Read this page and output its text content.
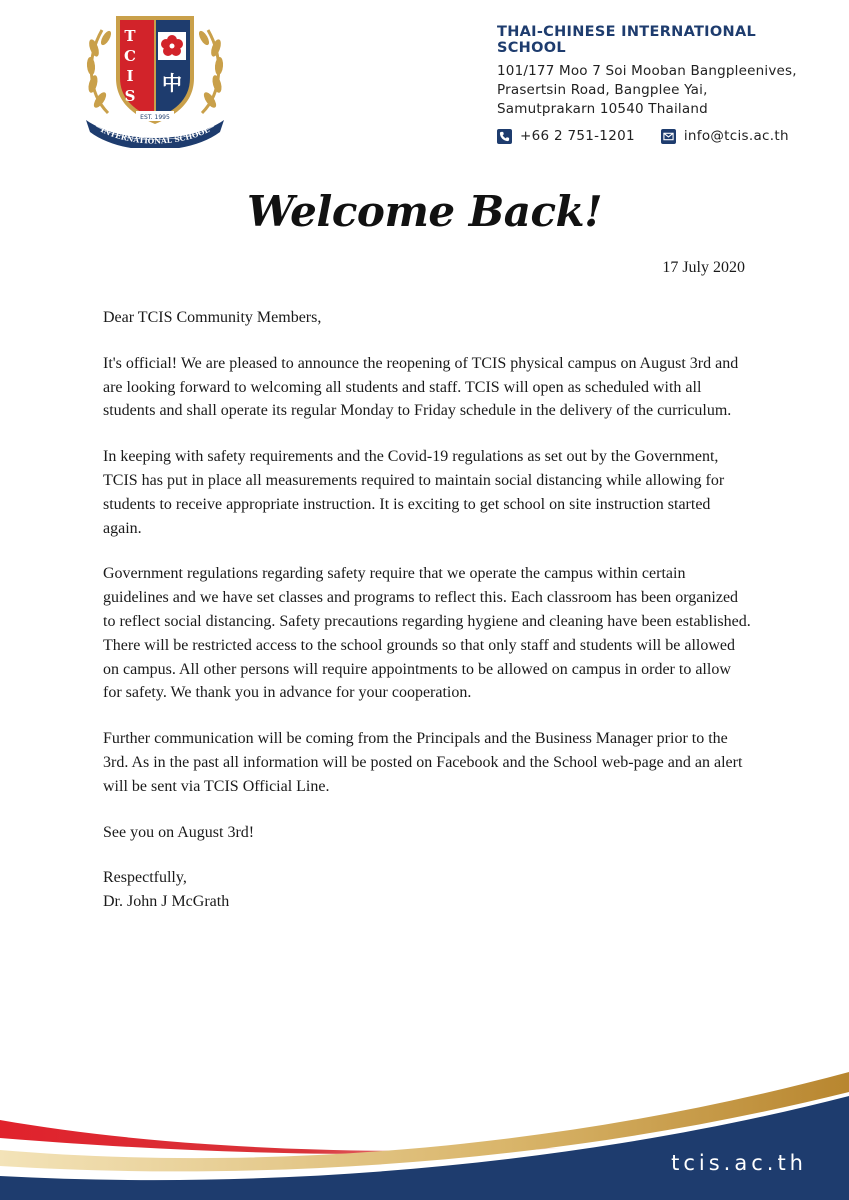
T
C
I
S
中
EST. 1995
INTERNATIONAL SCHOOL
THAI-CHINESE INTERNATIONAL SCHOOL
101/177 Moo 7 Soi Mooban Bangpleenives,
Prasertsin Road, Bangplee Yai,
Samutprakarn 10540 Thailand
+66 2 751-1201	info@tcis.ac.th
Welcome Back!
17 July 2020

Dear TCIS Community Members,

It's official! We are pleased to announce the reopening of TCIS physical campus on August 3rd and are looking forward to welcoming all students and staff. TCIS will open as scheduled with all students and shall operate its regular Monday to Friday schedule in the delivery of the curriculum.

In keeping with safety requirements and the Covid-19 regulations as set out by the Government, TCIS has put in place all measurements required to maintain social distancing while allowing for students to receive appropriate instruction. It is exciting to get school on site instruction started again.

Government regulations regarding safety require that we operate the campus within certain guidelines and we have set classes and programs to reflect this. Each classroom has been organized to reflect social distancing. Safety precautions regarding hygiene and cleaning have been established. There will be restricted access to the school grounds so that only staff and students will be allowed on campus. All other persons will require appointments to be allowed on campus in order to allow for safety. We thank you in advance for your cooperation.

Further communication will be coming from the Principals and the Business Manager prior to the 3rd. As in the past all information will be posted on Facebook and the School web-page and an alert will be sent via TCIS Official Line.

See you on August 3rd!

Respectfully,

Dr. John J McGrath

tcis.ac.th
